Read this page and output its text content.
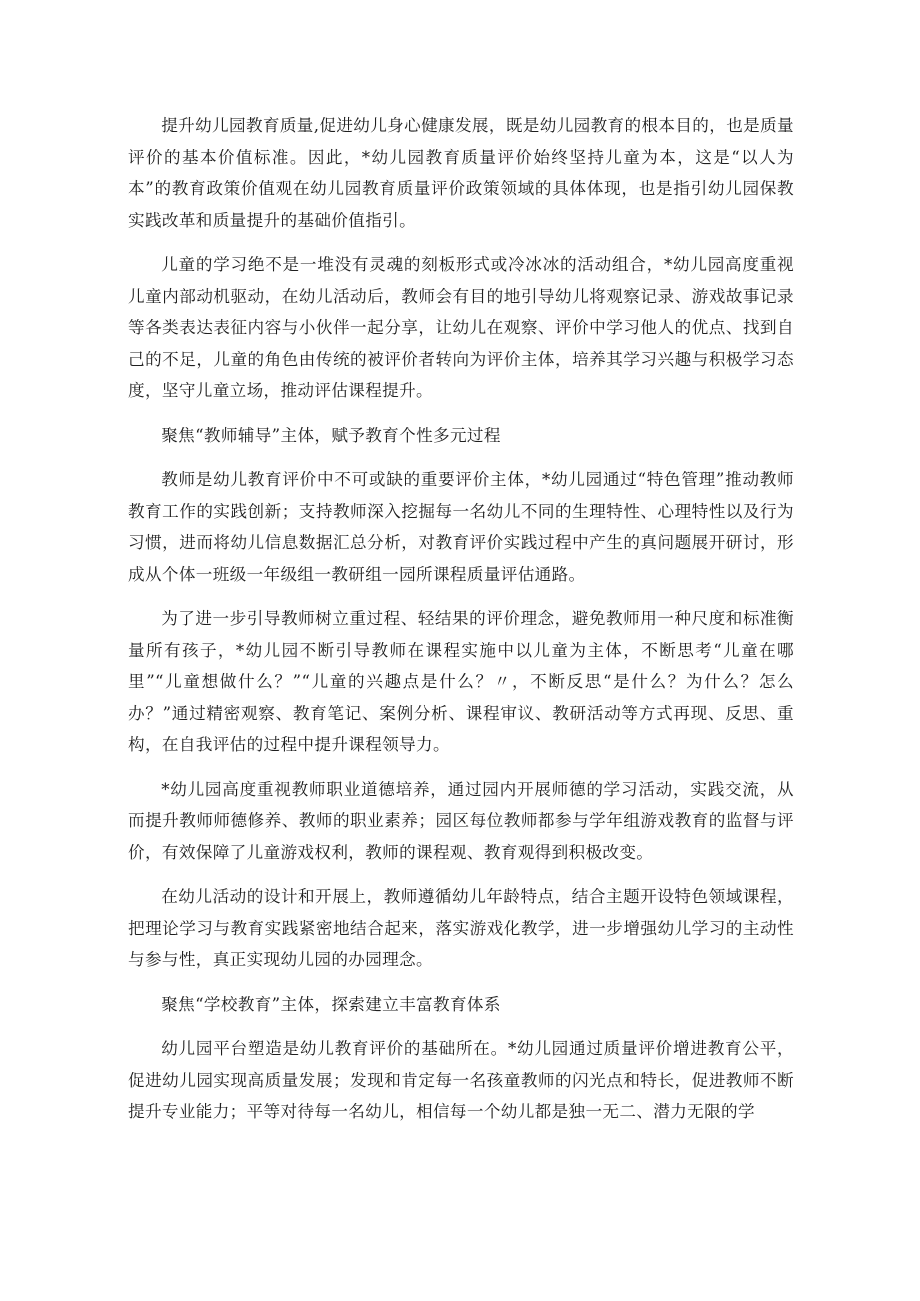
提升幼儿园教育质量,促进幼儿身心健康发展，既是幼儿园教育的根本目的，也是质量评价的基本价值标准。因此，*幼儿园教育质量评价始终坚持儿童为本，这是“以人为本”的教育政策价值观在幼儿园教育质量评价政策领域的具体体现，也是指引幼儿园保教实践改革和质量提升的基础价值指引。

儿童的学习绝不是一堆没有灵魂的刻板形式或冷冰冰的活动组合，*幼儿园高度重视儿童内部动机驱动，在幼儿活动后，教师会有目的地引导幼儿将观察记录、游戏故事记录等各类表达表征内容与小伙伴一起分享，让幼儿在观察、评价中学习他人的优点、找到自己的不足，儿童的角色由传统的被评价者转向为评价主体，培养其学习兴趣与积极学习态度，坚守儿童立场，推动评估课程提升。

聚焦“教师辅导”主体，赋予教育个性多元过程

教师是幼儿教育评价中不可或缺的重要评价主体，*幼儿园通过“特色管理”推动教师教育工作的实践创新；支持教师深入挖掘每一名幼儿不同的生理特性、心理特性以及行为习惯，进而将幼儿信息数据汇总分析，对教育评价实践过程中产生的真问题展开研讨，形成从个体一班级一年级组一教研组一园所课程质量评估通路。

为了进一步引导教师树立重过程、轻结果的评价理念，避免教师用一种尺度和标准衡量所有孩子，*幼儿园不断引导教师在课程实施中以儿童为主体，不断思考“儿童在哪里”“儿童想做什么？”“儿童的兴趣点是什么？〃，不断反思“是什么？为什么？怎么办？”通过精密观察、教育笔记、案例分析、课程审议、教研活动等方式再现、反思、重构，在自我评估的过程中提升课程领导力。

*幼儿园高度重视教师职业道德培养，通过园内开展师德的学习活动，实践交流，从而提升教师师德修养、教师的职业素养；园区每位教师都参与学年组游戏教育的监督与评价，有效保障了儿童游戏权利，教师的课程观、教育观得到积极改变。

在幼儿活动的设计和开展上，教师遵循幼儿年龄特点，结合主题开设特色领域课程，把理论学习与教育实践紧密地结合起来，落实游戏化教学，进一步增强幼儿学习的主动性与参与性，真正实现幼儿园的办园理念。

聚焦“学校教育”主体，探索建立丰富教育体系

幼儿园平台塑造是幼儿教育评价的基础所在。*幼儿园通过质量评价增进教育公平，促进幼儿园实现高质量发展；发现和肯定每一名孩童教师的闪光点和特长，促进教师不断提升专业能力；平等对待每一名幼儿，相信每一个幼儿都是独一无二、潜力无限的学
